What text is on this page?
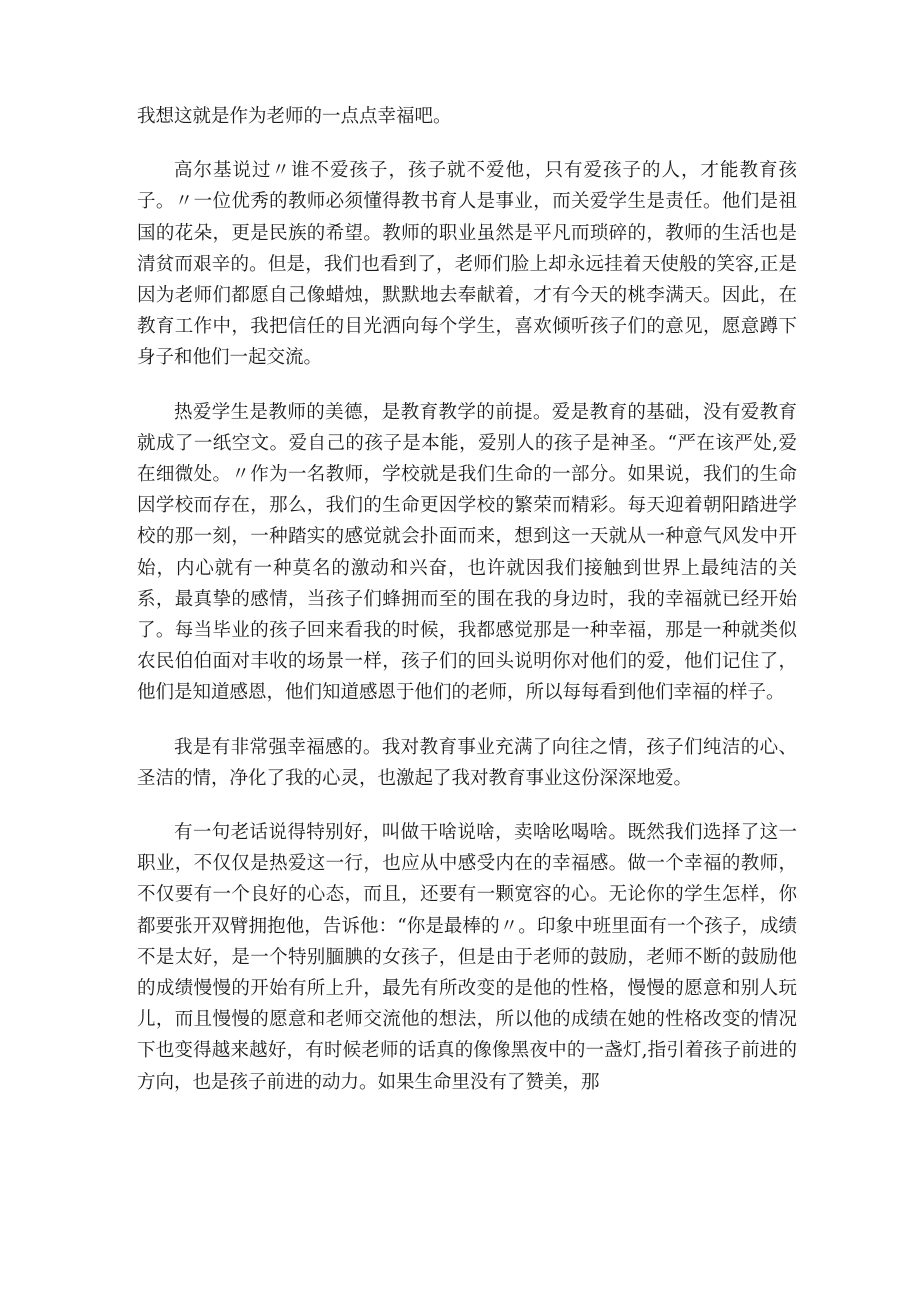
我想这就是作为老师的一点点幸福吧。

高尔基说过〃谁不爱孩子，孩子就不爱他，只有爱孩子的人，才能教育孩子。〃一位优秀的教师必须懂得教书育人是事业，而关爱学生是责任。他们是祖国的花朵，更是民族的希望。教师的职业虽然是平凡而琐碎的，教师的生活也是清贫而艰辛的。但是，我们也看到了，老师们脸上却永远挂着天使般的笑容,正是因为老师们都愿自己像蜡烛，默默地去奉献着，才有今天的桃李满天。因此，在教育工作中，我把信任的目光洒向每个学生，喜欢倾听孩子们的意见，愿意蹲下身子和他们一起交流。

热爱学生是教师的美德，是教育教学的前提。爱是教育的基础，没有爱教育就成了一纸空文。爱自己的孩子是本能，爱别人的孩子是神圣。“严在该严处,爱在细微处。〃作为一名教师，学校就是我们生命的一部分。如果说，我们的生命因学校而存在，那么，我们的生命更因学校的繁荣而精彩。每天迎着朝阳踏进学校的那一刻，一种踏实的感觉就会扑面而来，想到这一天就从一种意气风发中开始，内心就有一种莫名的激动和兴奋，也许就因我们接触到世界上最纯洁的关系，最真挚的感情，当孩子们蜂拥而至的围在我的身边时，我的幸福就已经开始了。每当毕业的孩子回来看我的时候，我都感觉那是一种幸福，那是一种就类似农民伯伯面对丰收的场景一样，孩子们的回头说明你对他们的爱，他们记住了，他们是知道感恩，他们知道感恩于他们的老师，所以每每看到他们幸福的样子。

我是有非常强幸福感的。我对教育事业充满了向往之情，孩子们纯洁的心、圣洁的情，净化了我的心灵，也激起了我对教育事业这份深深地爱。

有一句老话说得特别好，叫做干啥说啥，卖啥吆喝啥。既然我们选择了这一职业，不仅仅是热爱这一行，也应从中感受内在的幸福感。做一个幸福的教师，不仅要有一个良好的心态，而且，还要有一颗宽容的心。无论你的学生怎样，你都要张开双臂拥抱他，告诉他：“你是最棒的〃。印象中班里面有一个孩子，成绩不是太好，是一个特别腼腆的女孩子，但是由于老师的鼓励，老师不断的鼓励他的成绩慢慢的开始有所上升，最先有所改变的是他的性格，慢慢的愿意和别人玩儿，而且慢慢的愿意和老师交流他的想法，所以他的成绩在她的性格改变的情况下也变得越来越好，有时候老师的话真的像像黑夜中的一盏灯,指引着孩子前进的方向，也是孩子前进的动力。如果生命里没有了赞美，那
